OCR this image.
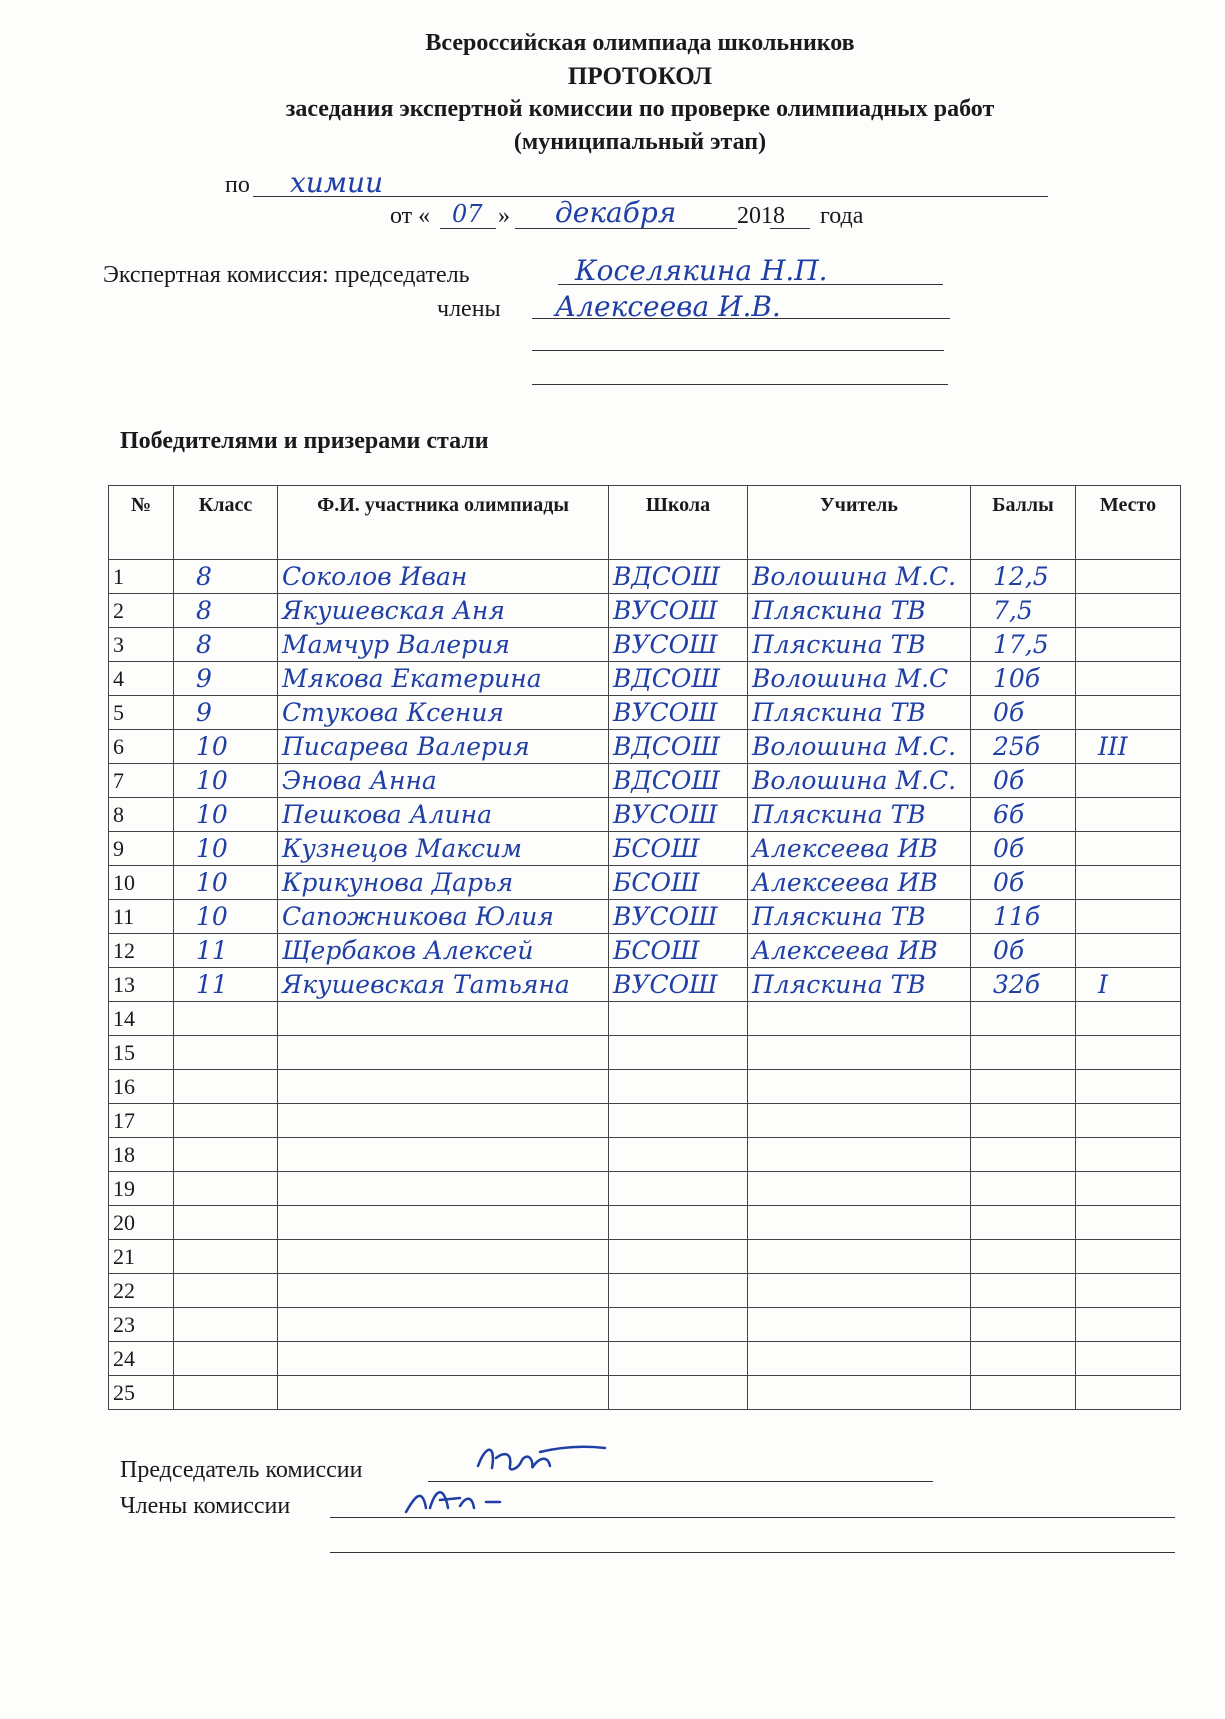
Всероссийская олимпиада школьников
ПРОТОКОЛ
заседания экспертной комиссии по проверке олимпиадных работ
(муниципальный этап)
по химии
от « 07 » декабря	201 8 года
Экспертная комиссия: председатель	Коселякина Н.П.
члены Алексеева И.В.
Победителями и призерами стали
№	Класс	Ф.И. участника олимпиады	Школа	Учитель	Баллы	Место
1	8	Соколов Иван	ВДСОШ	Волошина М.С.	12,5	
2	8	Якушевская Аня	ВУСОШ	Пляскина ТВ	7,5	
3	8	Мамчур Валерия	ВУСОШ	Пляскина ТВ	17,5	
4	9	Мякова Екатерина	ВДСОШ	Волошина М.С	10б	
5	9	Стукова Ксения	ВУСОШ	Пляскина ТВ	0б	
6	10	Писарева Валерия	ВДСОШ	Волошина М.С.	25б	III
7	10	Энова Анна	ВДСОШ	Волошина М.С.	0б	
8	10	Пешкова Алина	ВУСОШ	Пляскина ТВ	6б	
9	10	Кузнецов Максим	БСОШ	Алексеева ИВ	0б	
10	10	Крикунова Дарья	БСОШ	Алексеева ИВ	0б	
11	10	Сапожникова Юлия	ВУСОШ	Пляскина ТВ	11б	
12	11	Щербаков Алексей	БСОШ	Алексеева ИВ	0б	
13	11	Якушевская Татьяна	ВУСОШ	Пляскина ТВ	32б	I
14						
15						
16						
17						
18						
19						
20						
21						
22						
23						
24						
25						
Председатель комиссии
Члены комиссии
